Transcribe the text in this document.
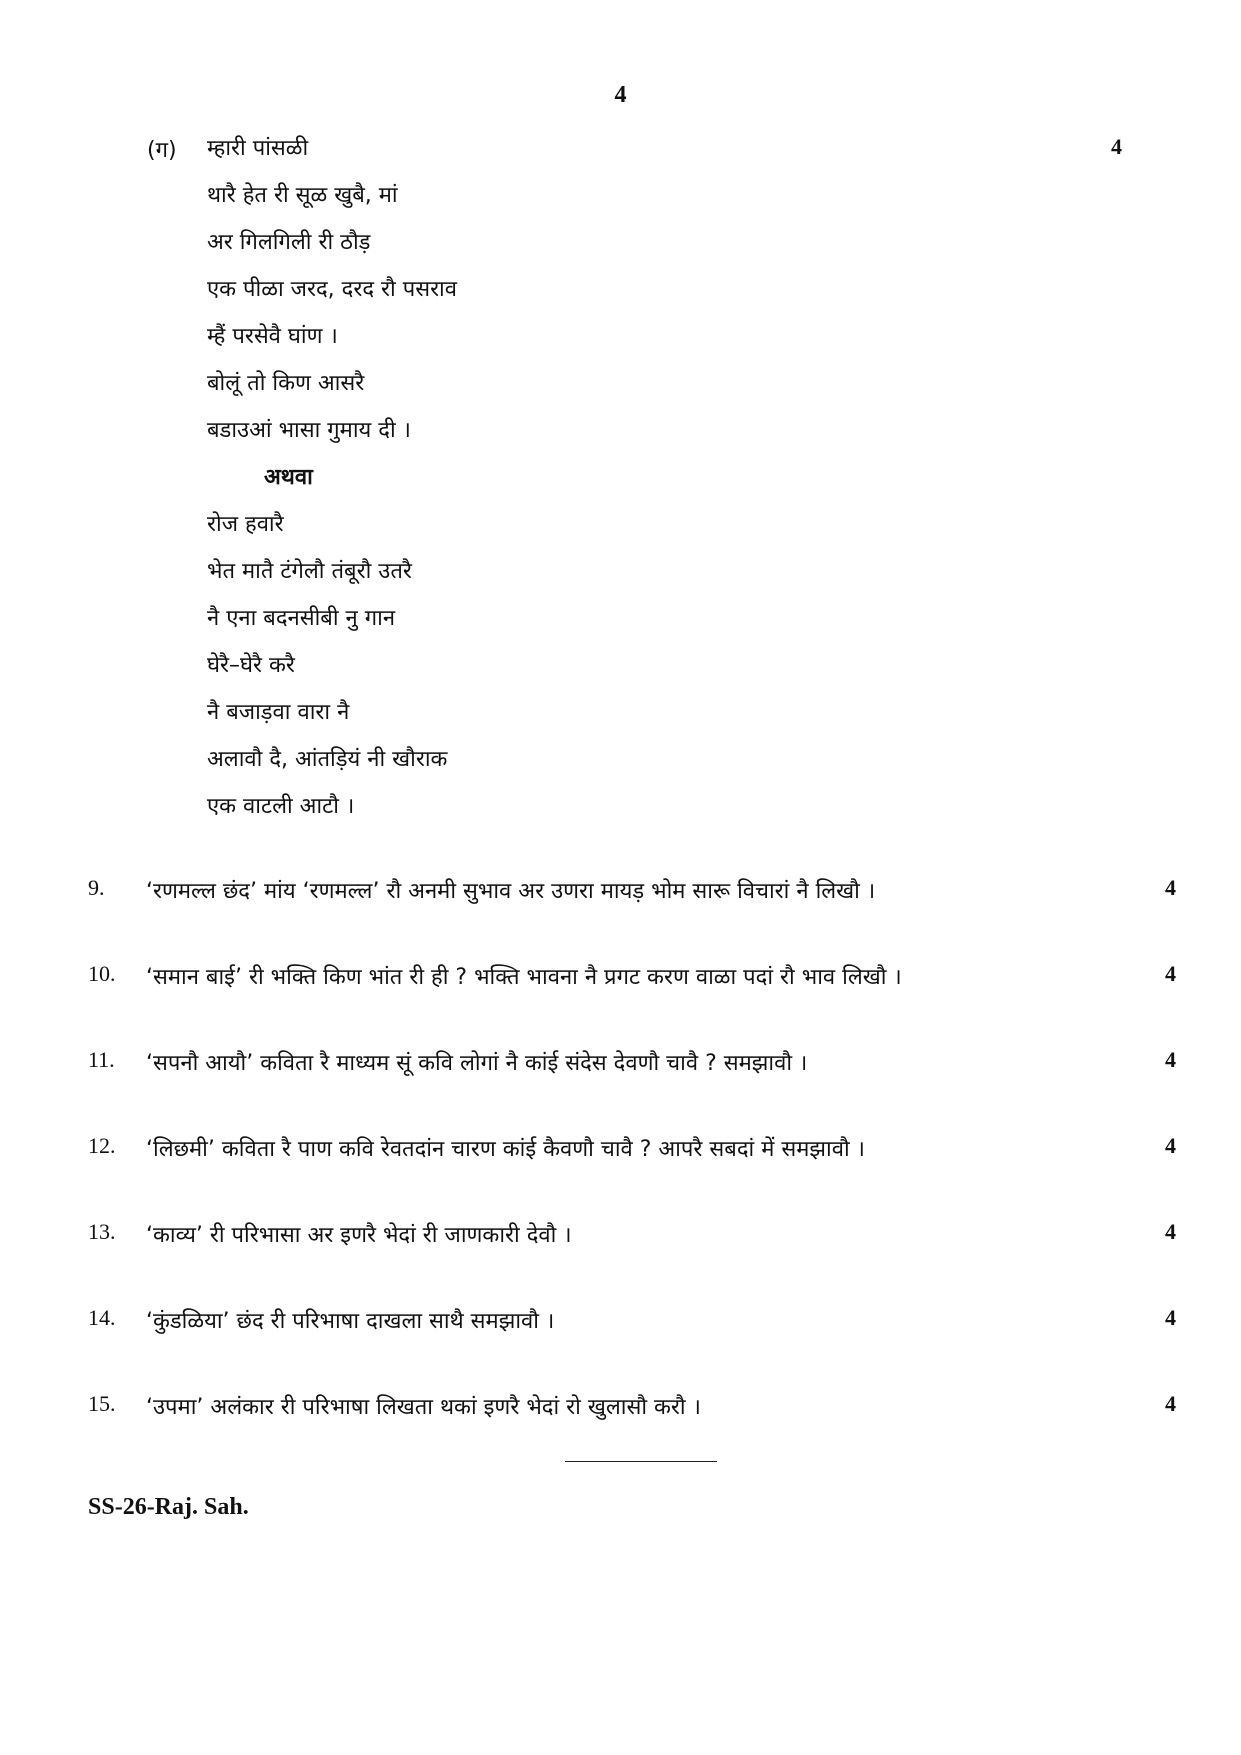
4
(ग)	4
म्हारी पांसळी
थारै हेत री सूळ खुबै, मां
अर गिलगिली री ठौड़
एक पीळा जरद, दरद रौ पसराव
म्हैं परसेवै घांण ।
बोलूं तो किण आसरै
बडाउआं भासा गुमाय दी ।
अथवा
रोज हवारै
भेत मातै टंगेलौ तंबूरौ उतरै
नै एना बदनसीबी नु गान
घेरै–घेरै करै
नै बजाड़वा वारा नै
अलावौ दै, आंतड़ियं नी खौराक
एक वाटली आटौ ।
9. ‘रणमल्ल छंद’ मांय ‘रणमल्ल’ रौ अनमी सुभाव अर उणरा मायड़ भोम सारू विचारां नै लिखौ ।	4
10. ‘समान बाई’ री भक्ति किण भांत री ही ? भक्ति भावना नै प्रगट करण वाळा पदां रौ भाव लिखौ ।	4
11. ‘सपनौ आयौ’ कविता रै माध्यम सूं कवि लोगां नै कांई संदेस देवणौ चावै ? समझावौ ।	4
12. ‘लिछमी’ कविता रै पाण कवि रेवतदांन चारण कांई कैवणौ चावै ? आपरै सबदां में समझावौ ।	4
13. ‘काव्य’ री परिभासा अर इणरै भेदां री जाणकारी देवौ ।	4
14. ‘कुंडळिया’ छंद री परिभाषा दाखला साथै समझावौ ।	4
15. ‘उपमा’ अलंकार री परिभाषा लिखता थकां इणरै भेदां रो खुलासौ करौ ।	4
SS-26-Raj. Sah.
